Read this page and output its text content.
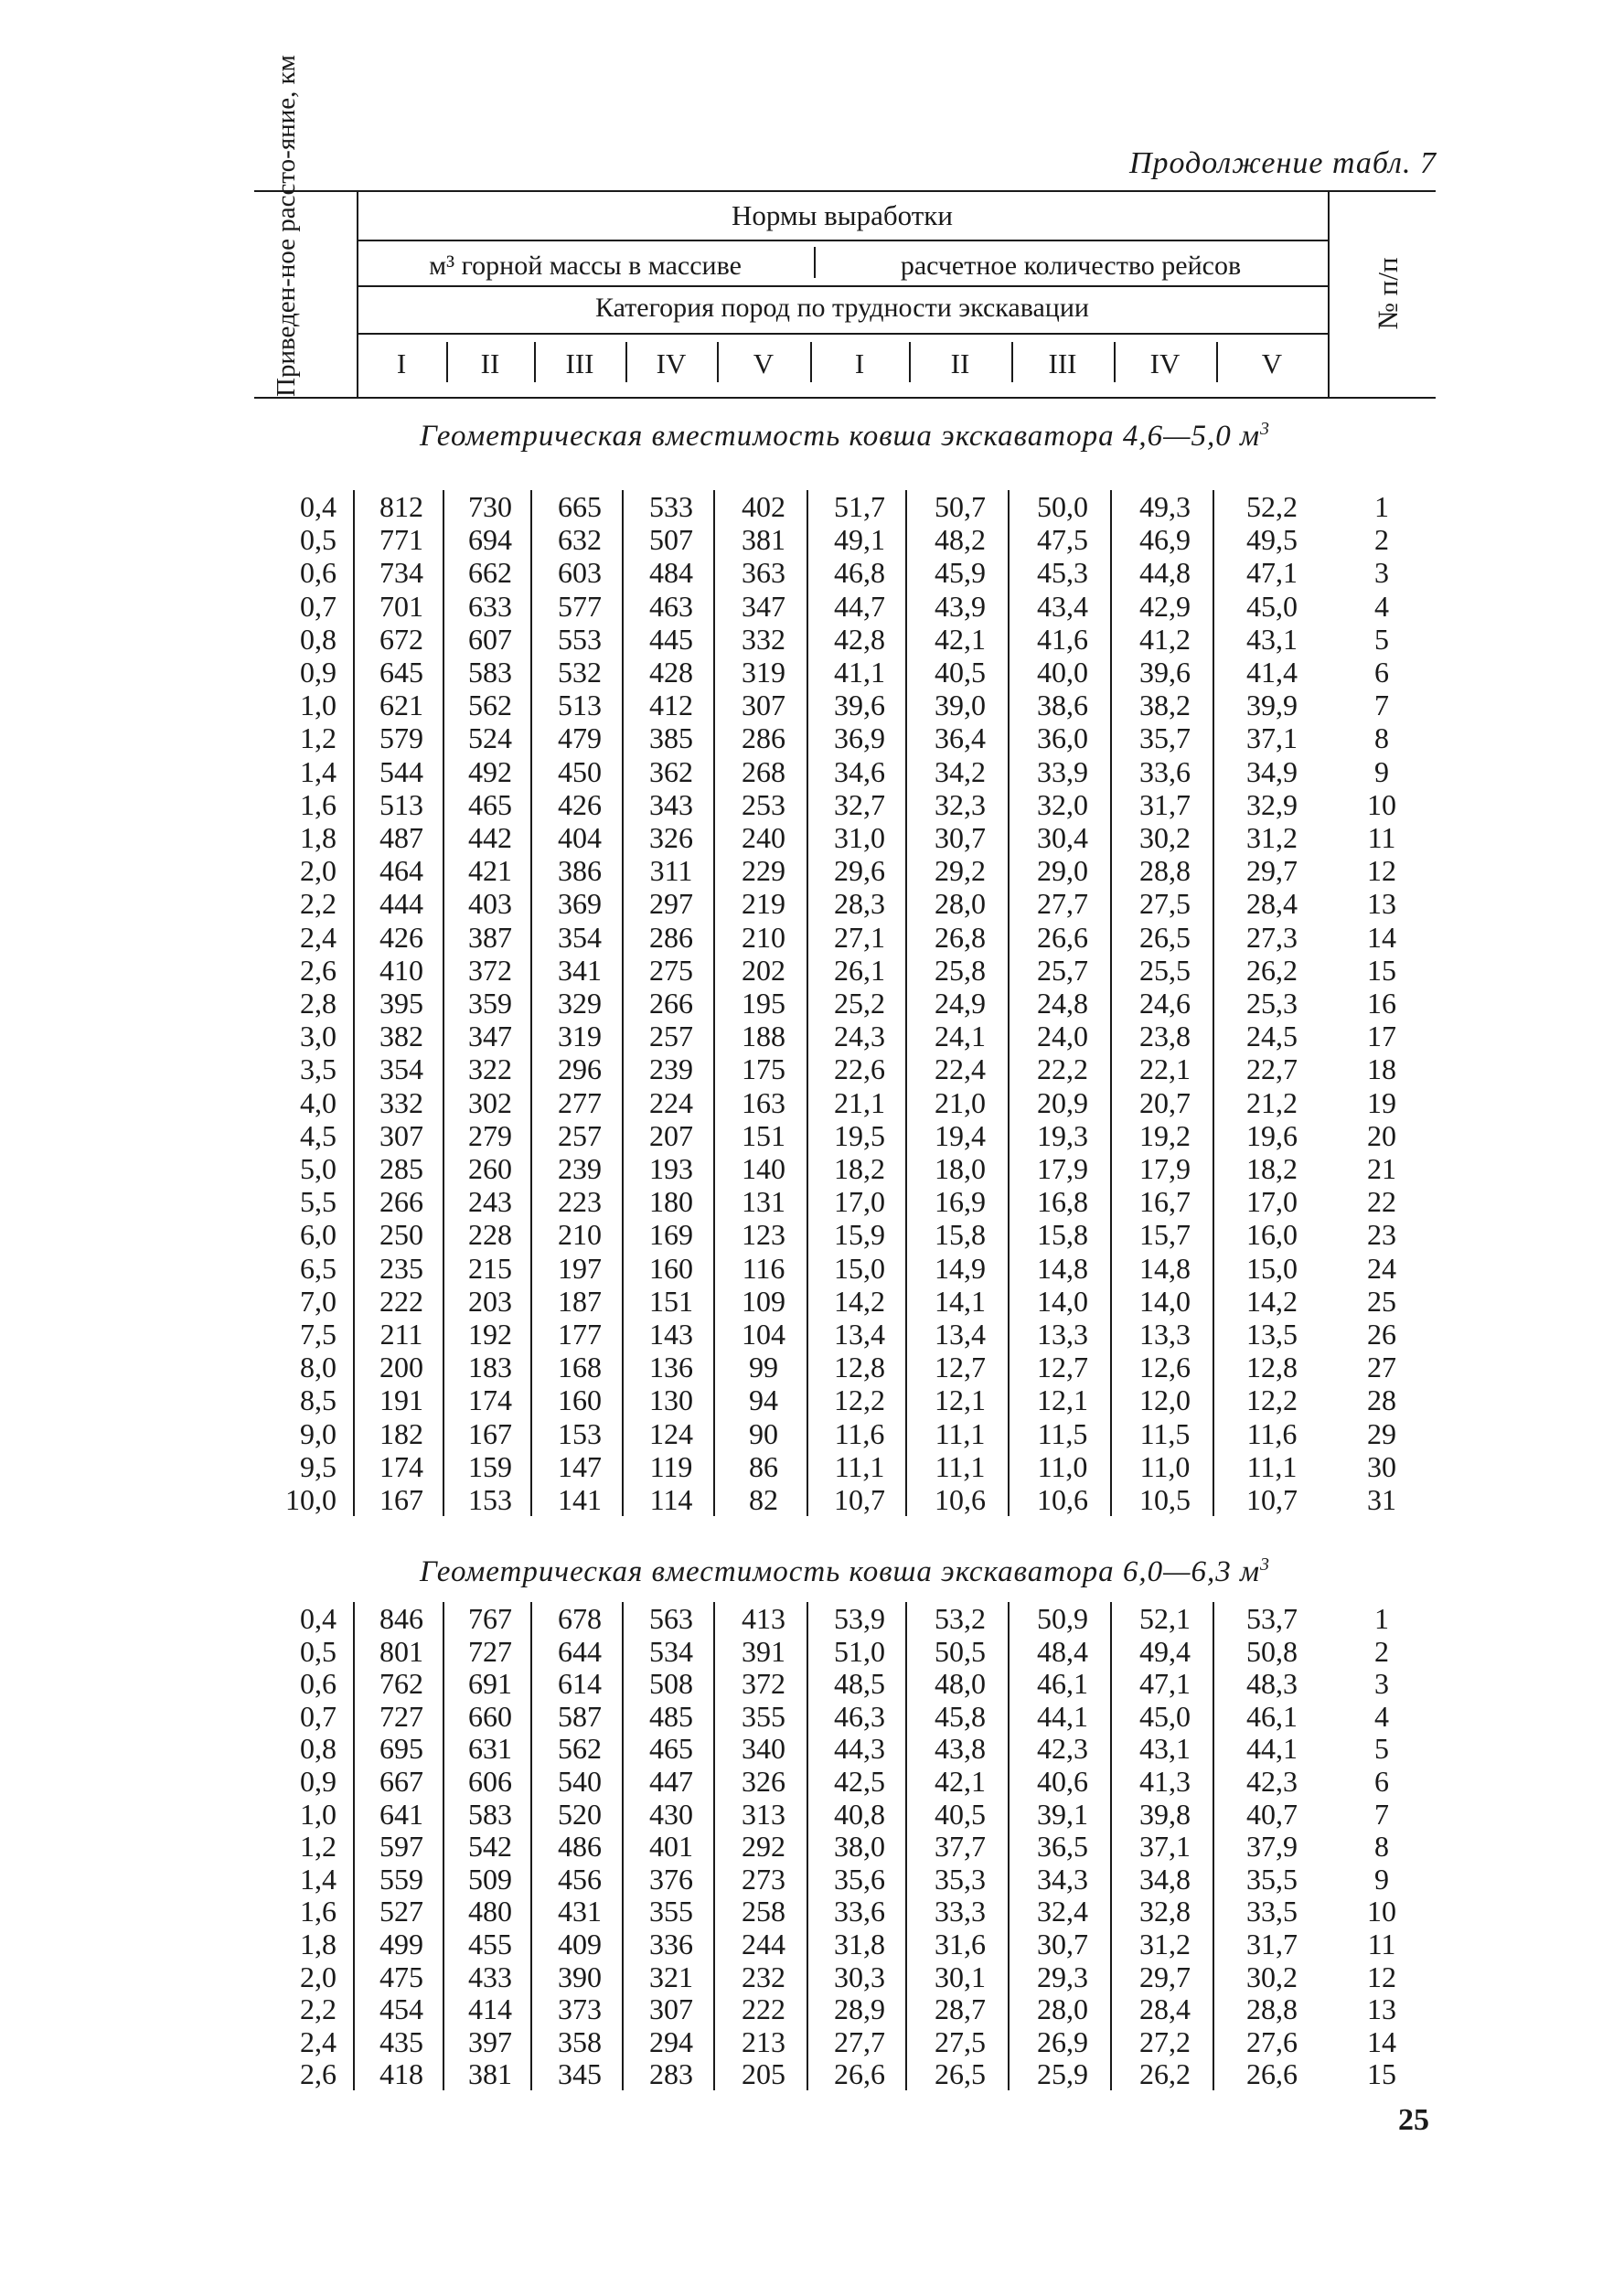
Продолжение табл. 7
Приведен-ное рассто-яние, км	Нормы выработки
м³ горной массы в массиве	расчетное количество рейсов
Категория пород по трудности экскавации
I	II	III	IV	V	I	II	III	IV	V
№ п/п
Геометрическая вместимость ковша экскаватора 4,6—5,0 $м^3$
0,4	812	730	665	533	402	51,7	50,7	50,0	49,3	52,2	1
0,5	771	694	632	507	381	49,1	48,2	47,5	46,9	49,5	2
0,6	734	662	603	484	363	46,8	45,9	45,3	44,8	47,1	3
0,7	701	633	577	463	347	44,7	43,9	43,4	42,9	45,0	4
0,8	672	607	553	445	332	42,8	42,1	41,6	41,2	43,1	5
0,9	645	583	532	428	319	41,1	40,5	40,0	39,6	41,4	6
1,0	621	562	513	412	307	39,6	39,0	38,6	38,2	39,9	7
1,2	579	524	479	385	286	36,9	36,4	36,0	35,7	37,1	8
1,4	544	492	450	362	268	34,6	34,2	33,9	33,6	34,9	9
1,6	513	465	426	343	253	32,7	32,3	32,0	31,7	32,9	10
1,8	487	442	404	326	240	31,0	30,7	30,4	30,2	31,2	11
2,0	464	421	386	311	229	29,6	29,2	29,0	28,8	29,7	12
2,2	444	403	369	297	219	28,3	28,0	27,7	27,5	28,4	13
2,4	426	387	354	286	210	27,1	26,8	26,6	26,5	27,3	14
2,6	410	372	341	275	202	26,1	25,8	25,7	25,5	26,2	15
2,8	395	359	329	266	195	25,2	24,9	24,8	24,6	25,3	16
3,0	382	347	319	257	188	24,3	24,1	24,0	23,8	24,5	17
3,5	354	322	296	239	175	22,6	22,4	22,2	22,1	22,7	18
4,0	332	302	277	224	163	21,1	21,0	20,9	20,7	21,2	19
4,5	307	279	257	207	151	19,5	19,4	19,3	19,2	19,6	20
5,0	285	260	239	193	140	18,2	18,0	17,9	17,9	18,2	21
5,5	266	243	223	180	131	17,0	16,9	16,8	16,7	17,0	22
6,0	250	228	210	169	123	15,9	15,8	15,8	15,7	16,0	23
6,5	235	215	197	160	116	15,0	14,9	14,8	14,8	15,0	24
7,0	222	203	187	151	109	14,2	14,1	14,0	14,0	14,2	25
7,5	211	192	177	143	104	13,4	13,4	13,3	13,3	13,5	26
8,0	200	183	168	136	99	12,8	12,7	12,7	12,6	12,8	27
8,5	191	174	160	130	94	12,2	12,1	12,1	12,0	12,2	28
9,0	182	167	153	124	90	11,6	11,1	11,5	11,5	11,6	29
9,5	174	159	147	119	86	11,1	11,1	11,0	11,0	11,1	30
10,0	167	153	141	114	82	10,7	10,6	10,6	10,5	10,7	31
Геометрическая вместимость ковша экскаватора 6,0—6,3 $м^3$
0,4	846	767	678	563	413	53,9	53,2	50,9	52,1	53,7	1
0,5	801	727	644	534	391	51,0	50,5	48,4	49,4	50,8	2
0,6	762	691	614	508	372	48,5	48,0	46,1	47,1	48,3	3
0,7	727	660	587	485	355	46,3	45,8	44,1	45,0	46,1	4
0,8	695	631	562	465	340	44,3	43,8	42,3	43,1	44,1	5
0,9	667	606	540	447	326	42,5	42,1	40,6	41,3	42,3	6
1,0	641	583	520	430	313	40,8	40,5	39,1	39,8	40,7	7
1,2	597	542	486	401	292	38,0	37,7	36,5	37,1	37,9	8
1,4	559	509	456	376	273	35,6	35,3	34,3	34,8	35,5	9
1,6	527	480	431	355	258	33,6	33,3	32,4	32,8	33,5	10
1,8	499	455	409	336	244	31,8	31,6	30,7	31,2	31,7	11
2,0	475	433	390	321	232	30,3	30,1	29,3	29,7	30,2	12
2,2	454	414	373	307	222	28,9	28,7	28,0	28,4	28,8	13
2,4	435	397	358	294	213	27,7	27,5	26,9	27,2	27,6	14
2,6	418	381	345	283	205	26,6	26,5	25,9	26,2	26,6	15
25
